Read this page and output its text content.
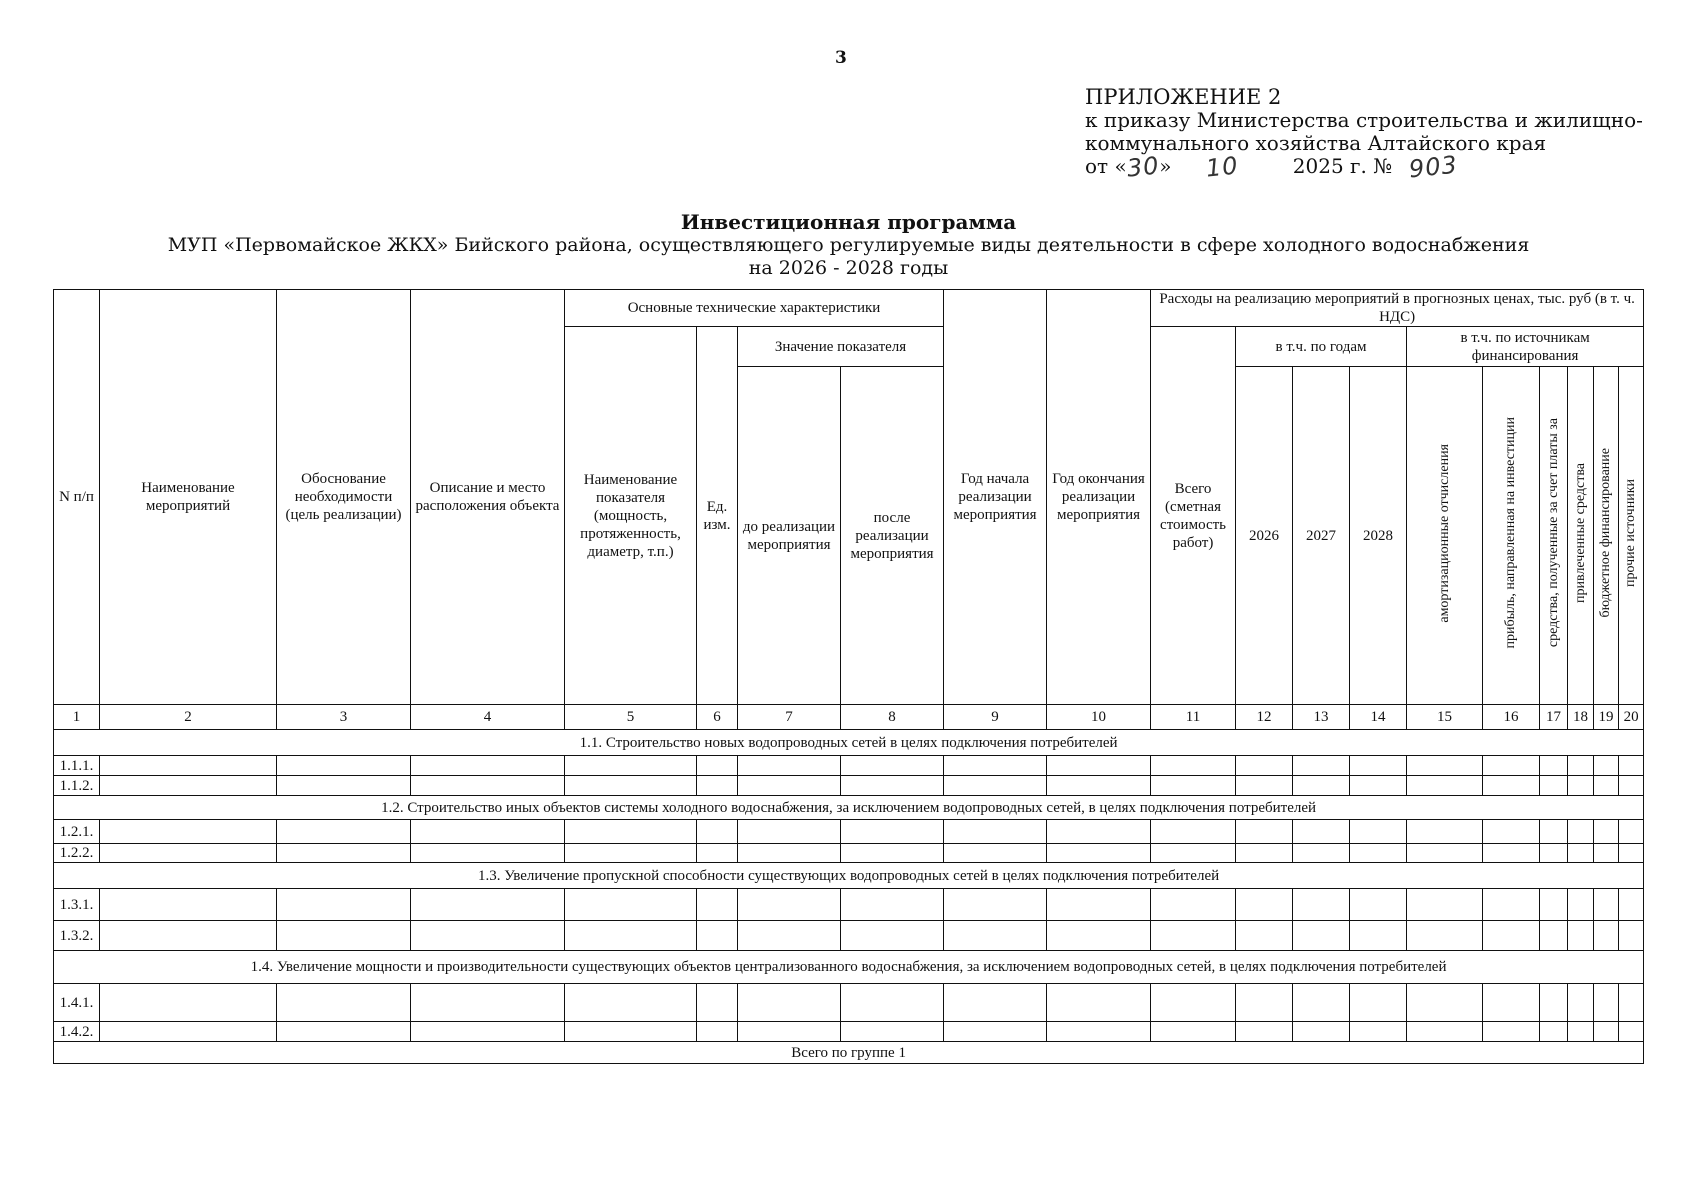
3
ПРИЛОЖЕНИЕ 2
к приказу Министерства строительства и жилищно-
коммунального хозяйства Алтайского края
от «30» 10	2025 г. № 903
Инвестиционная программа
МУП «Первомайское ЖКХ» Бийского района, осуществляющего регулируемые виды деятельности в сфере холодного водоснабжения
на 2026 - 2028 годы
N п/п	Наименование мероприятий	Обоснование необходимости (цель реализации)	Описание и место расположения объекта	Основные технические характеристики				Год начала реализации мероприятия	Год окончания реализации мероприятия	Расходы на реализацию мероприятий в прогнозных ценах, тыс. руб (в т. ч. НДС)									
				Наименование показателя (мощность, протяженность, диаметр, т.п.)	Ед. изм.	Значение показателя				Всего (сметная стоимость работ)	в т.ч. по годам			в т.ч. по источникам финансирования					
						до реализации мероприятия	после реализации мероприятия				2026	2027	2028	амортизационные отчисления	прибыль, направленная на инвестиции	средства, полученные за счет платы за	привлеченные средства	бюджетное финансирование	прочие источники

1	2	3	4	5	6	7	8	9	10	11	12	13	14	15	16	17	18	19	20
1.1. Строительство новых водопроводных сетей в целях подключения потребителей																			
1.1.1.																			
1.1.2.																			
1.2. Строительство иных объектов системы холодного водоснабжения, за исключением водопроводных сетей, в целях подключения потребителей																			
1.2.1.																			
1.2.2.																			
1.3. Увеличение пропускной способности существующих водопроводных сетей в целях подключения потребителей																			
1.3.1.																			
1.3.2.																			
1.4. Увеличение мощности и производительности существующих объектов централизованного водоснабжения, за исключением водопроводных сетей, в целях подключения потребителей																			
1.4.1.																			
1.4.2.																			
Всего по группе 1																			
